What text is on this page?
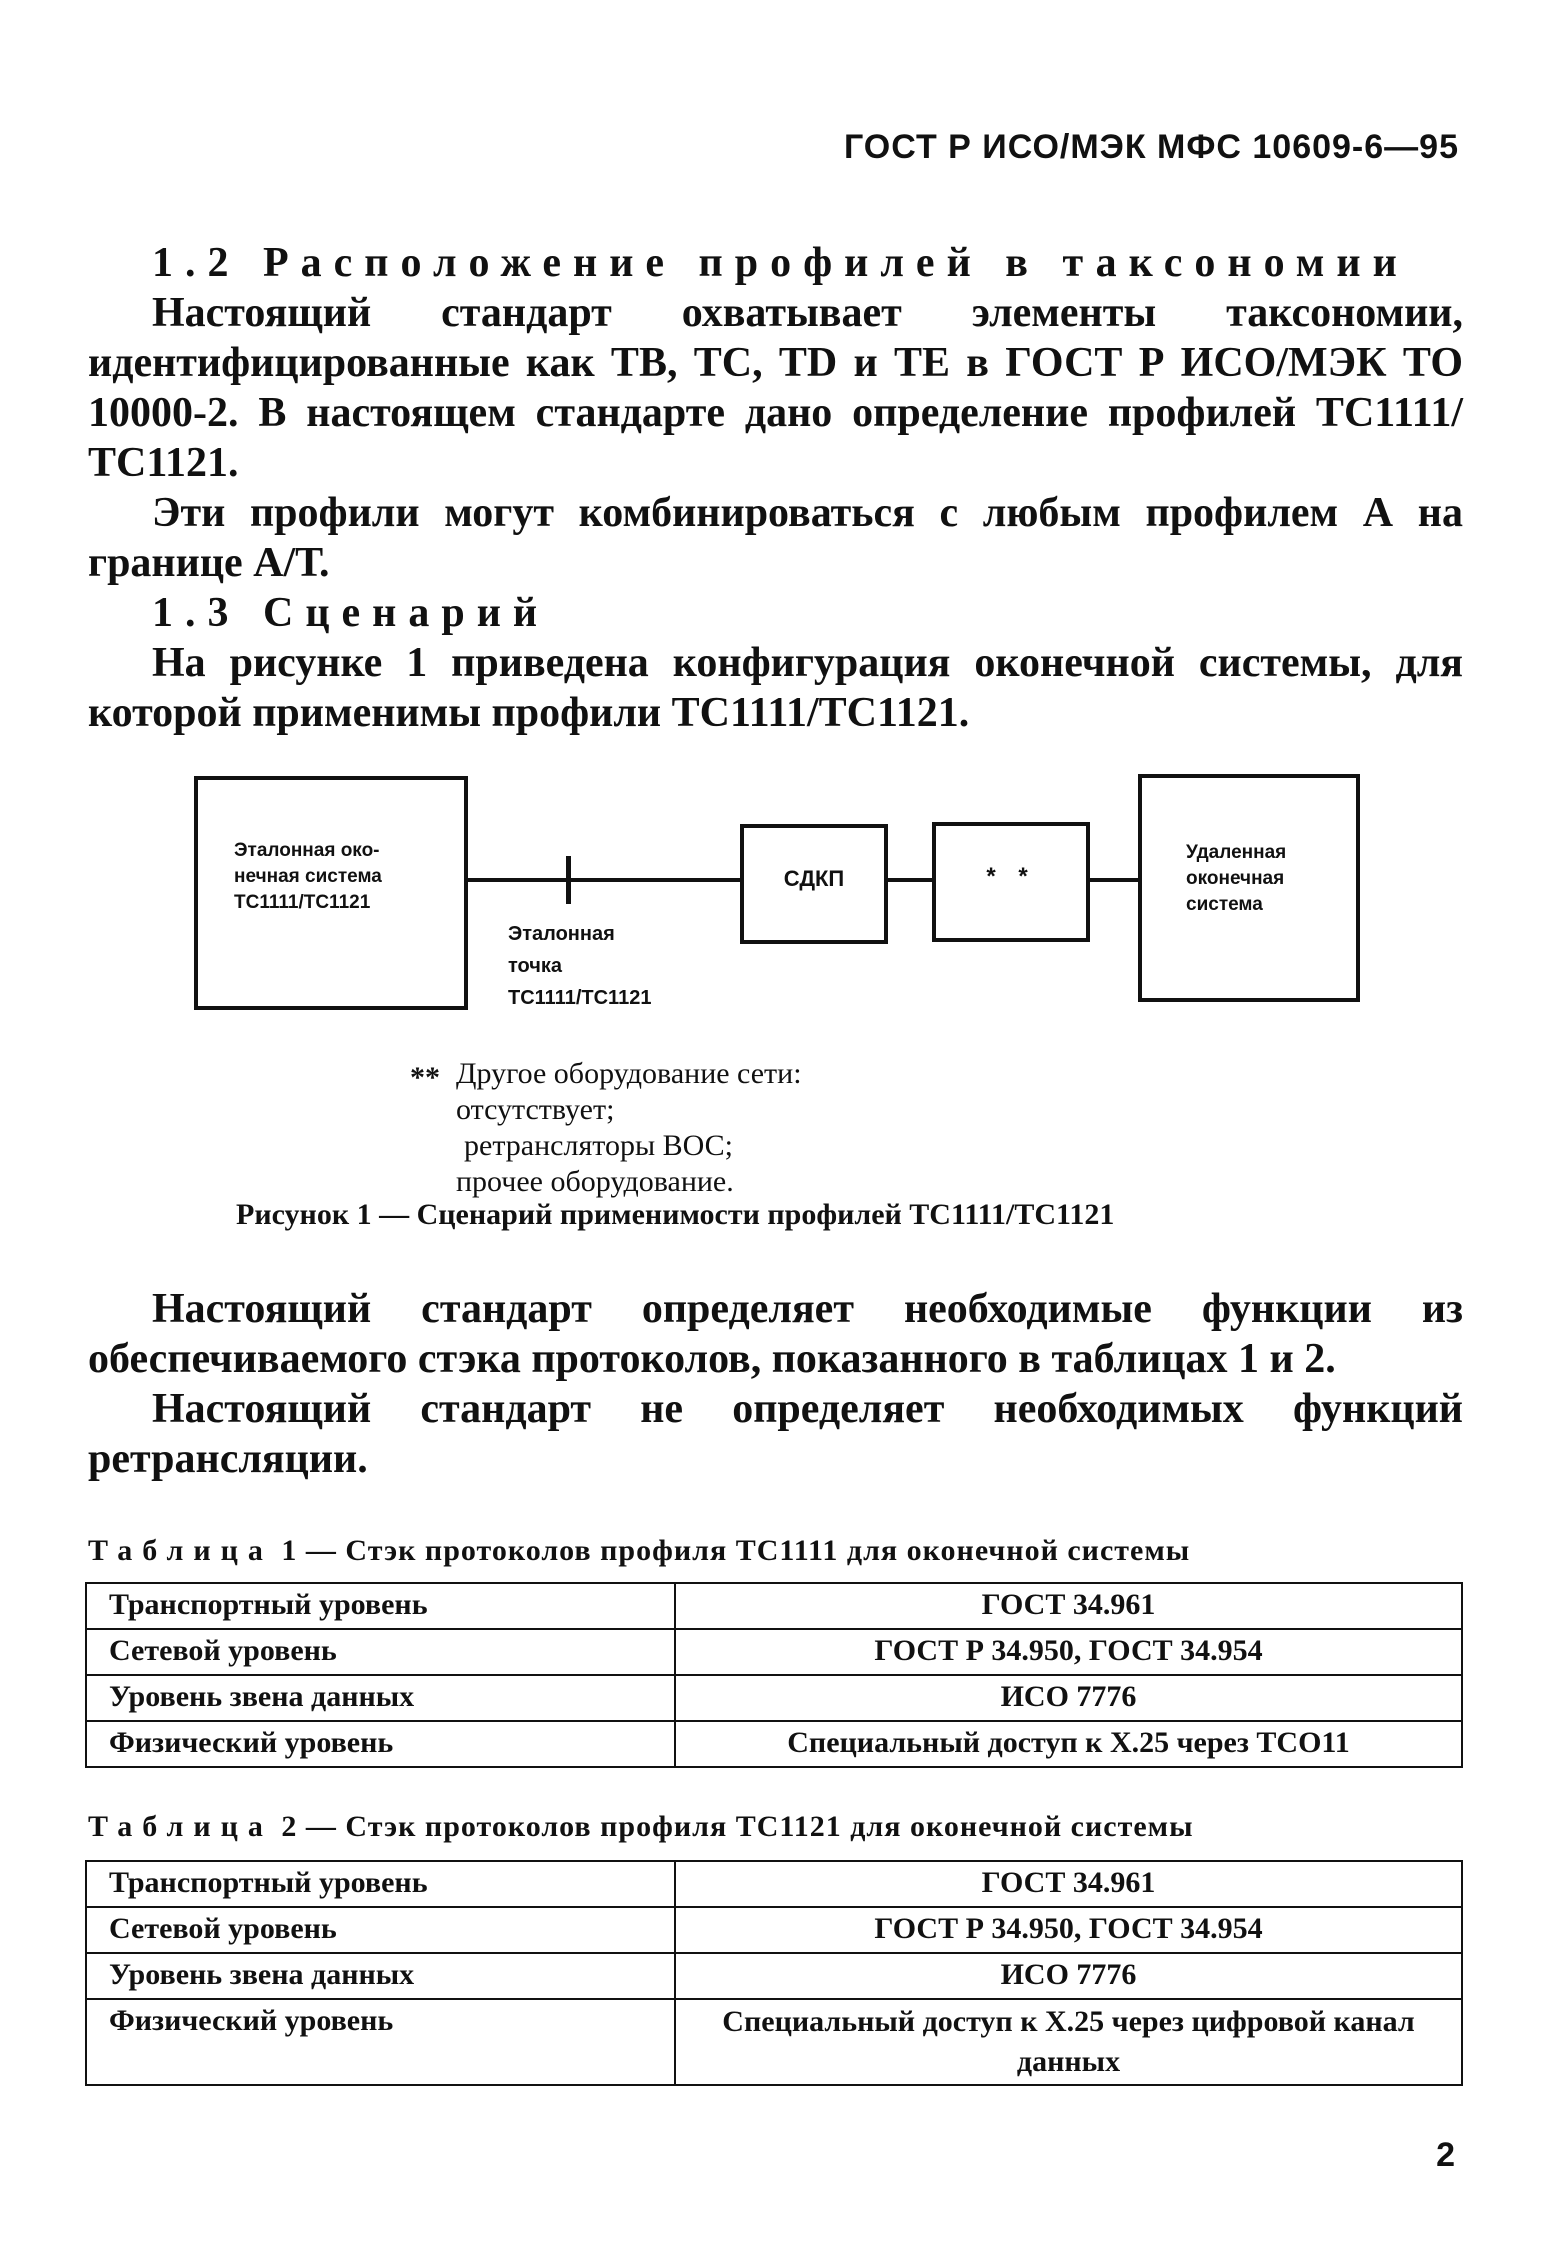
ГОСТ Р ИСО/МЭК МФС 10609-6—95

1.2 Расположение профилей в таксономии

Настоящий стандарт охватывает элементы таксономии, идентифицированные как ТВ, ТС, TD и ТЕ в ГОСТ Р ИСО/МЭК ТО 10000-2. В настоящем стандарте дано определение профилей ТС1111/ТС1121.

Эти профили могут комбинироваться с любым профилем А на границе А/Т.

1.3 Сценарий

На рисунке 1 приведена конфигурация оконечной системы, для которой применимы профили ТС1111/ТС1121.

Эталонная око-
нечная система
ТС1111/ТС1121
Эталонная
точка
ТС1111/ТС1121
СДКП	* *
Удаленная
оконечная
система
** Другое оборудование сети:
отсутствует;
ретрансляторы ВОС;
прочее оборудование.
Рисунок 1 — Сценарий применимости профилей ТС1111/ТС1121

Настоящий стандарт определяет необходимые функции из обеспечиваемого стэка протоколов, показанного в таблицах 1 и 2.

Настоящий стандарт не определяет необходимых функций ретрансляции.

Таблица 1 — Стэк протоколов профиля ТС1111 для оконечной системы
Транспортный уровень	ГОСТ 34.961
Сетевой уровень	ГОСТ Р 34.950, ГОСТ 34.954
Уровень звена данных	ИСО 7776
Физический уровень	Специальный доступ к Х.25 через ТСО11
Таблица 2 — Стэк протоколов профиля ТС1121 для оконечной системы
Транспортный уровень	ГОСТ 34.961
Сетевой уровень	ГОСТ Р 34.950, ГОСТ 34.954
Уровень звена данных	ИСО 7776
Физический уровень	Специальный доступ к Х.25 через цифровой канал данных
2
